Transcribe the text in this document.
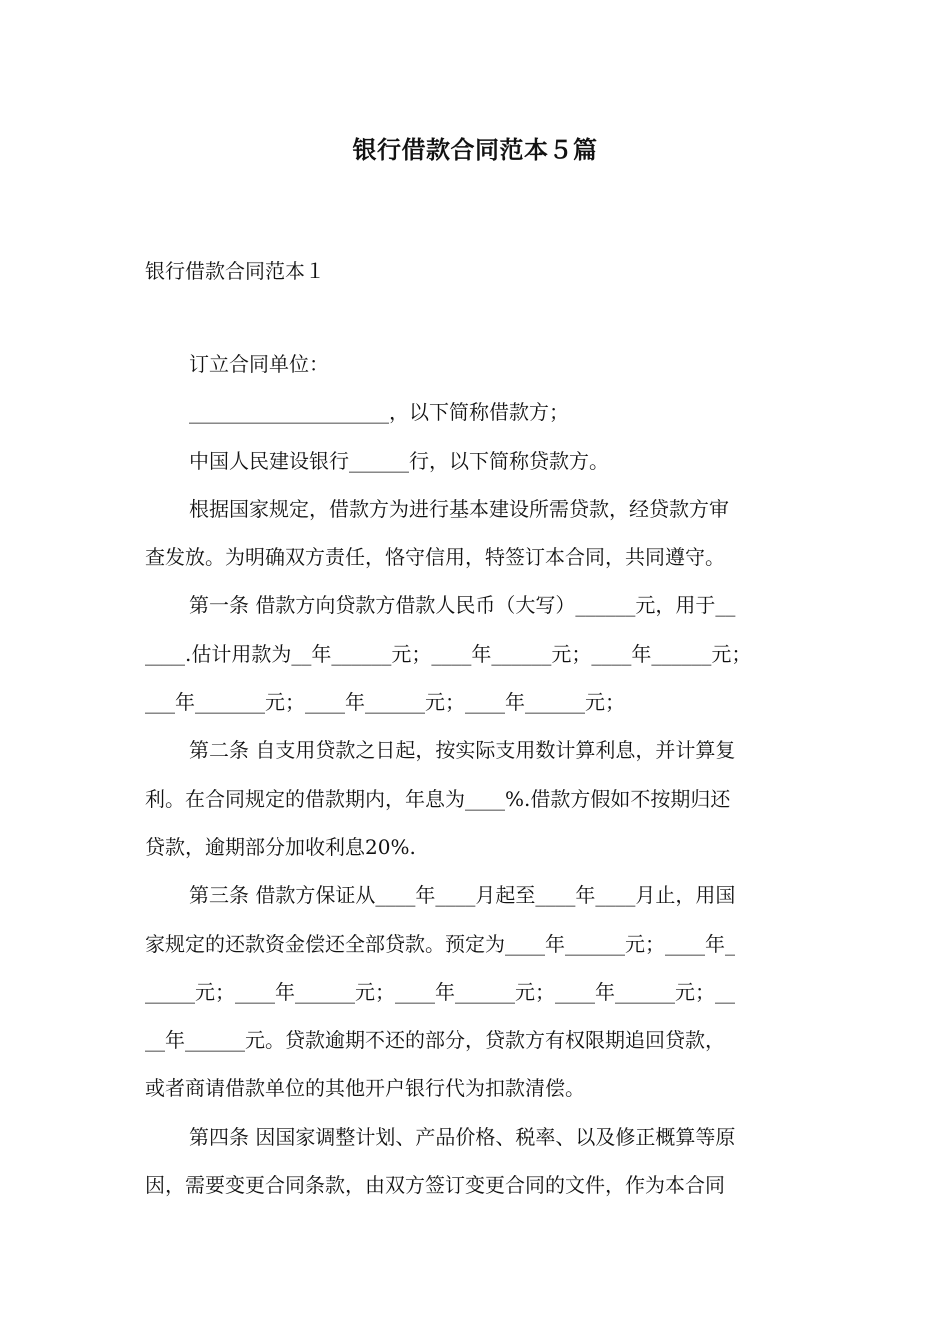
银行借款合同范本５篇
银行借款合同范本１

订立合同单位：

____________________，以下简称借款方；

中国人民建设银行______行，以下简称贷款方。

根据国家规定，借款方为进行基本建设所需贷款，经贷款方审

查发放。为明确双方责任，恪守信用，特签订本合同，共同遵守。

第一条 借款方向贷款方借款人民币（大写）______元，用于__

____.估计用款为__年______元；____年______元；____年______元；

___年_______元；____年______元；____年______元；

第二条 自支用贷款之日起，按实际支用数计算利息，并计算复

利。在合同规定的借款期内，年息为____%.借款方假如不按期归还

贷款，逾期部分加收利息20%.

第三条 借款方保证从____年____月起至____年____月止，用国

家规定的还款资金偿还全部贷款。预定为____年______元；____年_

_____元；____年______元；____年______元；____年______元；__

__年______元。贷款逾期不还的部分，贷款方有权限期追回贷款，

或者商请借款单位的其他开户银行代为扣款清偿。

第四条 因国家调整计划、产品价格、税率、以及修正概算等原

因，需要变更合同条款，由双方签订变更合同的文件，作为本合同
